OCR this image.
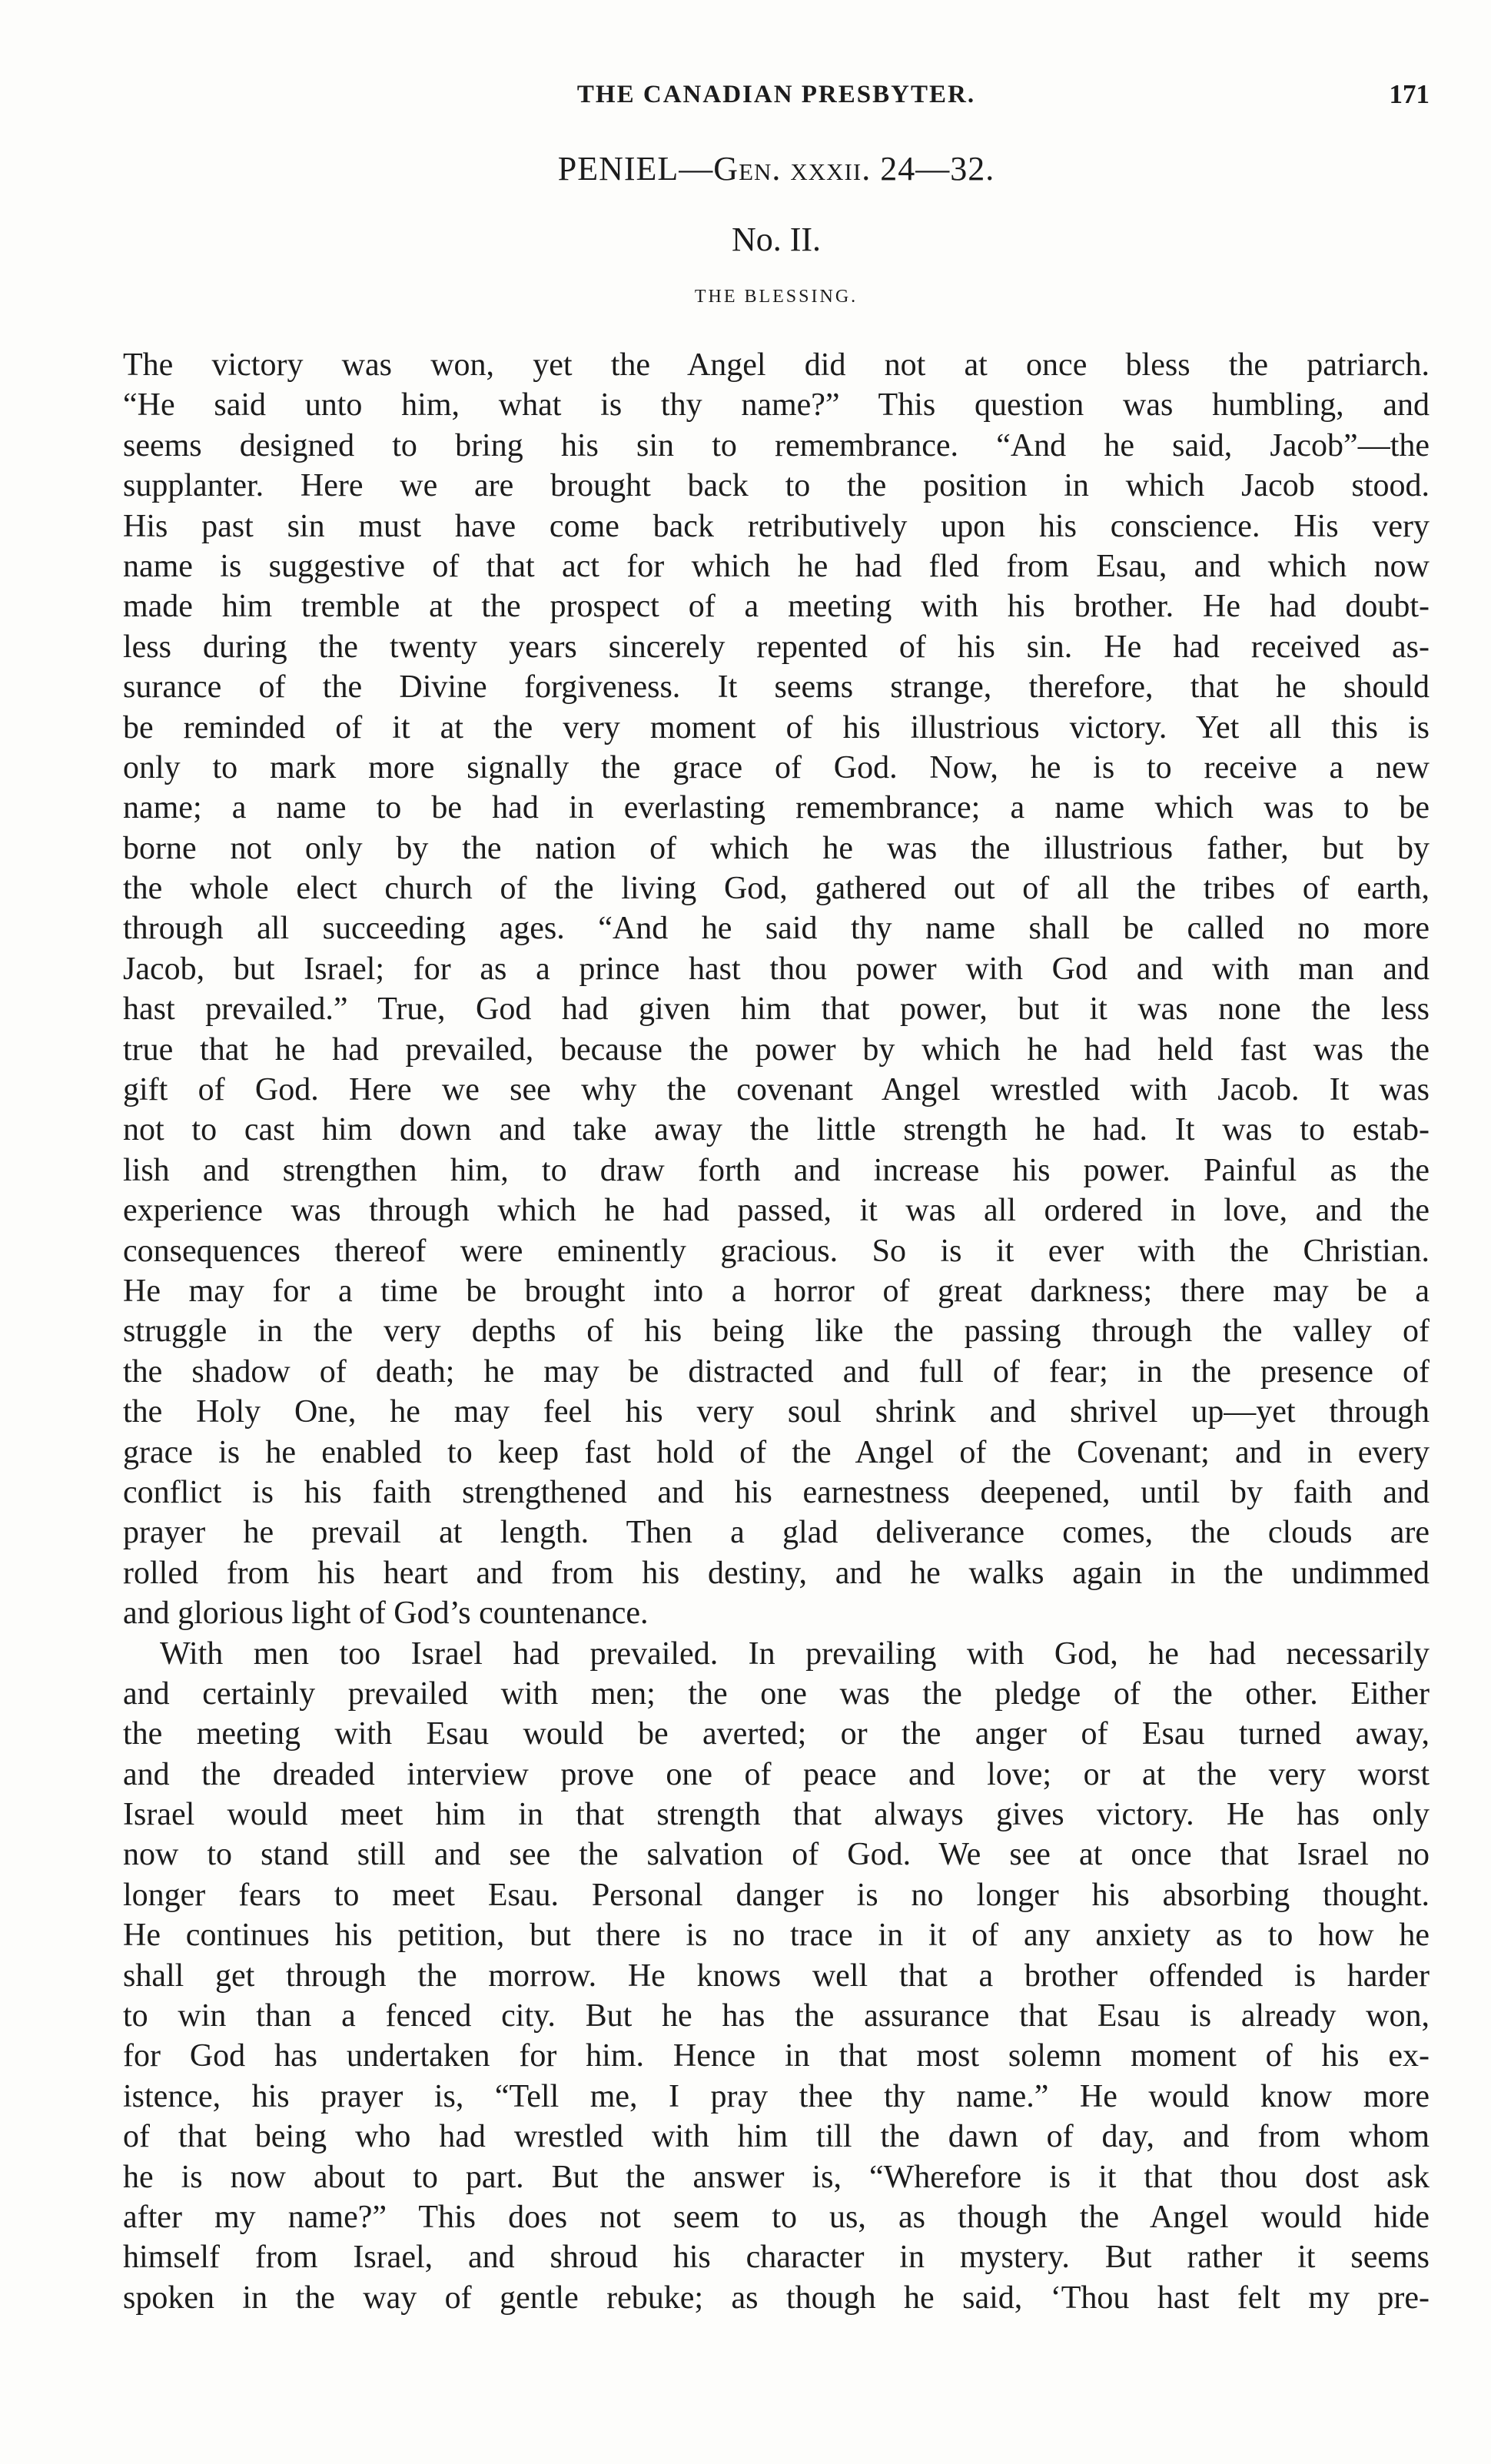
THE CANADIAN PRESBYTER.	171
PENIEL—Gen. xxxii. 24—32.
No. II.
THE BLESSING.
The victory was won, yet the Angel did not at once bless the patriarch.
“He said unto him, what is thy name?” This question was humbling, and
seems designed to bring his sin to remembrance. “And he said, Jacob”—the
supplanter. Here we are brought back to the position in which Jacob stood.
His past sin must have come back retributively upon his conscience. His very
name is suggestive of that act for which he had fled from Esau, and which now
made him tremble at the prospect of a meeting with his brother. He had doubt-
less during the twenty years sincerely repented of his sin. He had received as-
surance of the Divine forgiveness. It seems strange, therefore, that he should
be reminded of it at the very moment of his illustrious victory. Yet all this is
only to mark more signally the grace of God. Now, he is to receive a new
name; a name to be had in everlasting remembrance; a name which was to be
borne not only by the nation of which he was the illustrious father, but by
the whole elect church of the living God, gathered out of all the tribes of earth,
through all succeeding ages. “And he said thy name shall be called no more
Jacob, but Israel; for as a prince hast thou power with God and with man and
hast prevailed.” True, God had given him that power, but it was none the less
true that he had prevailed, because the power by which he had held fast was the
gift of God. Here we see why the covenant Angel wrestled with Jacob. It was
not to cast him down and take away the little strength he had. It was to estab-
lish and strengthen him, to draw forth and increase his power. Painful as the
experience was through which he had passed, it was all ordered in love, and the
consequences thereof were eminently gracious. So is it ever with the Christian.
He may for a time be brought into a horror of great darkness; there may be a
struggle in the very depths of his being like the passing through the valley of
the shadow of death; he may be distracted and full of fear; in the presence of
the Holy One, he may feel his very soul shrink and shrivel up—yet through
grace is he enabled to keep fast hold of the Angel of the Covenant; and in every
conflict is his faith strengthened and his earnestness deepened, until by faith and
prayer he prevail at length. Then a glad deliverance comes, the clouds are
rolled from his heart and from his destiny, and he walks again in the undimmed
and glorious light of God’s countenance.
With men too Israel had prevailed. In prevailing with God, he had necessarily
and certainly prevailed with men; the one was the pledge of the other. Either
the meeting with Esau would be averted; or the anger of Esau turned away,
and the dreaded interview prove one of peace and love; or at the very worst
Israel would meet him in that strength that always gives victory. He has only
now to stand still and see the salvation of God. We see at once that Israel no
longer fears to meet Esau. Personal danger is no longer his absorbing thought.
He continues his petition, but there is no trace in it of any anxiety as to how he
shall get through the morrow. He knows well that a brother offended is harder
to win than a fenced city. But he has the assurance that Esau is already won,
for God has undertaken for him. Hence in that most solemn moment of his ex-
istence, his prayer is, “Tell me, I pray thee thy name.” He would know more
of that being who had wrestled with him till the dawn of day, and from whom
he is now about to part. But the answer is, “Wherefore is it that thou dost ask
after my name?” This does not seem to us, as though the Angel would hide
himself from Israel, and shroud his character in mystery. But rather it seems
spoken in the way of gentle rebuke; as though he said, ‘Thou hast felt my pre-
